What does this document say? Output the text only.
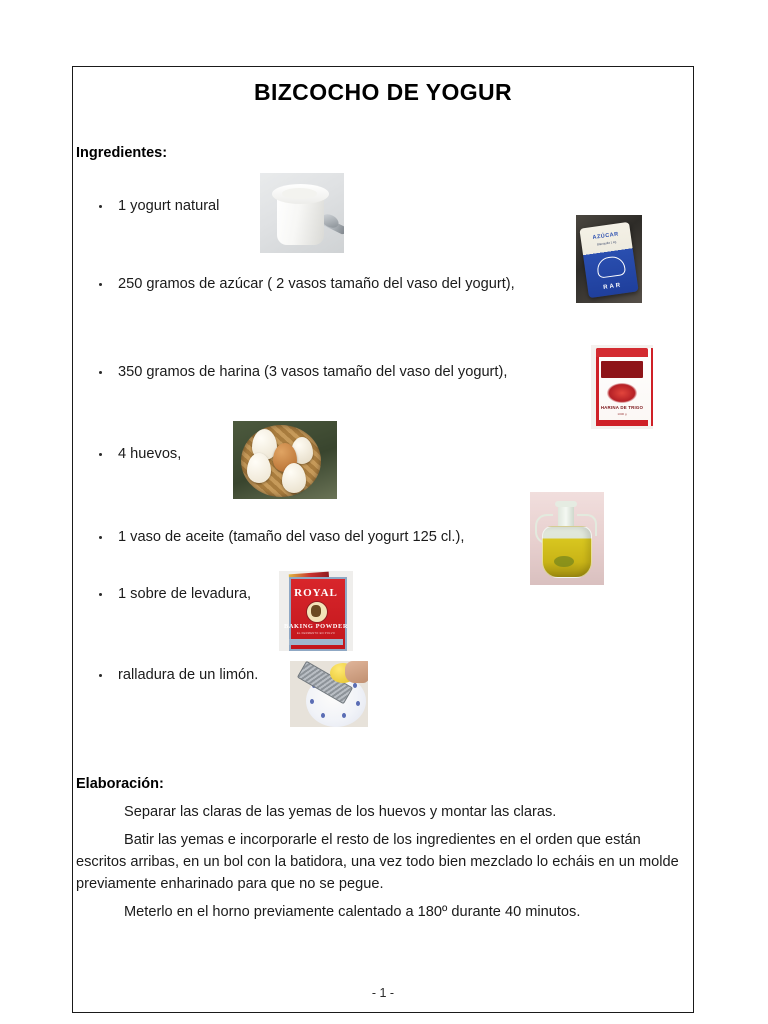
BIZCOCHO DE YOGUR
Ingredientes:
1 yogurt natural
250 gramos de azúcar ( 2 vasos tamaño del vaso del yogurt),
350 gramos de harina (3 vasos tamaño del vaso del yogurt),
4 huevos,
1 vaso de aceite (tamaño del vaso del yogurt 125 cl.),
1 sobre de levadura,
ralladura de un limón.
AZÚCAR
Blanquilla 1 kg
RAR
HARINA DE TRIGO
1000 g
ROYAL
BAKING POWDER
EL FERMENTO EN POLVO
Elaboración:

Separar las claras de las yemas de los huevos y montar las claras.

Batir las yemas e incorporarle el resto de los ingredientes en el orden que están escritos arribas, en un bol con la batidora, una vez todo bien mezclado lo echáis en un molde previamente enharinado para que no se pegue.

Meterlo en el horno previamente calentado a 180º durante 40 minutos.

- 1 -
